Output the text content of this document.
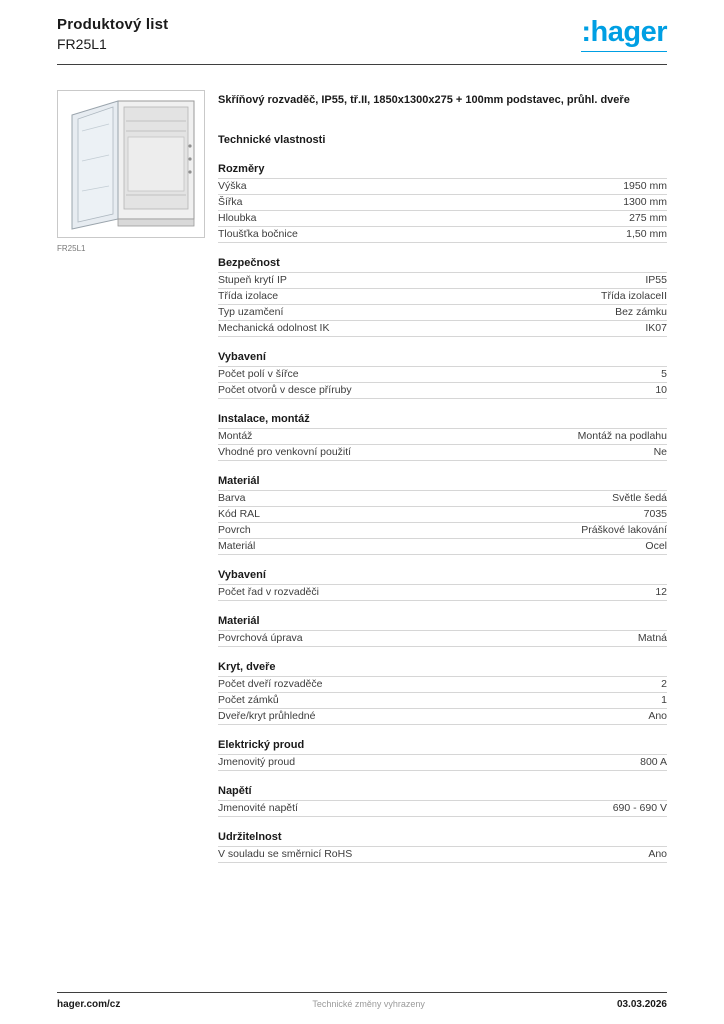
Produktový list
FR25L1	:hager
FR25L1
Skříňový rozvaděč, IP55, tř.II, 1850x1300x275 + 100mm podstavec, průhl. dveře
Technické vlastnosti
Rozměry
Výška	1950 mm
Šířka	1300 mm
Hloubka	275 mm
Tloušťka bočnice	1,50 mm
Bezpečnost
Stupeň krytí IP	IP55
Třída izolace	Třída izolaceII
Typ uzamčení	Bez zámku
Mechanická odolnost IK	IK07
Vybavení
Počet polí v šířce	5
Počet otvorů v desce příruby	10
Instalace, montáž
Montáž	Montáž na podlahu
Vhodné pro venkovní použití	Ne
Materiál
Barva	Světle šedá
Kód RAL	7035
Povrch	Práškové lakování
Materiál	Ocel
Vybavení
Počet řad v rozvaděči	12
Materiál
Povrchová úprava	Matná
Kryt, dveře
Počet dveří rozvaděče	2
Počet zámků	1
Dveře/kryt průhledné	Ano
Elektrický proud
Jmenovitý proud	800 A
Napětí
Jmenovité napětí	690 - 690 V
Udržitelnost
V souladu se směrnicí RoHS	Ano
hager.com/cz	Technické změny vyhrazeny	03.03.2026
